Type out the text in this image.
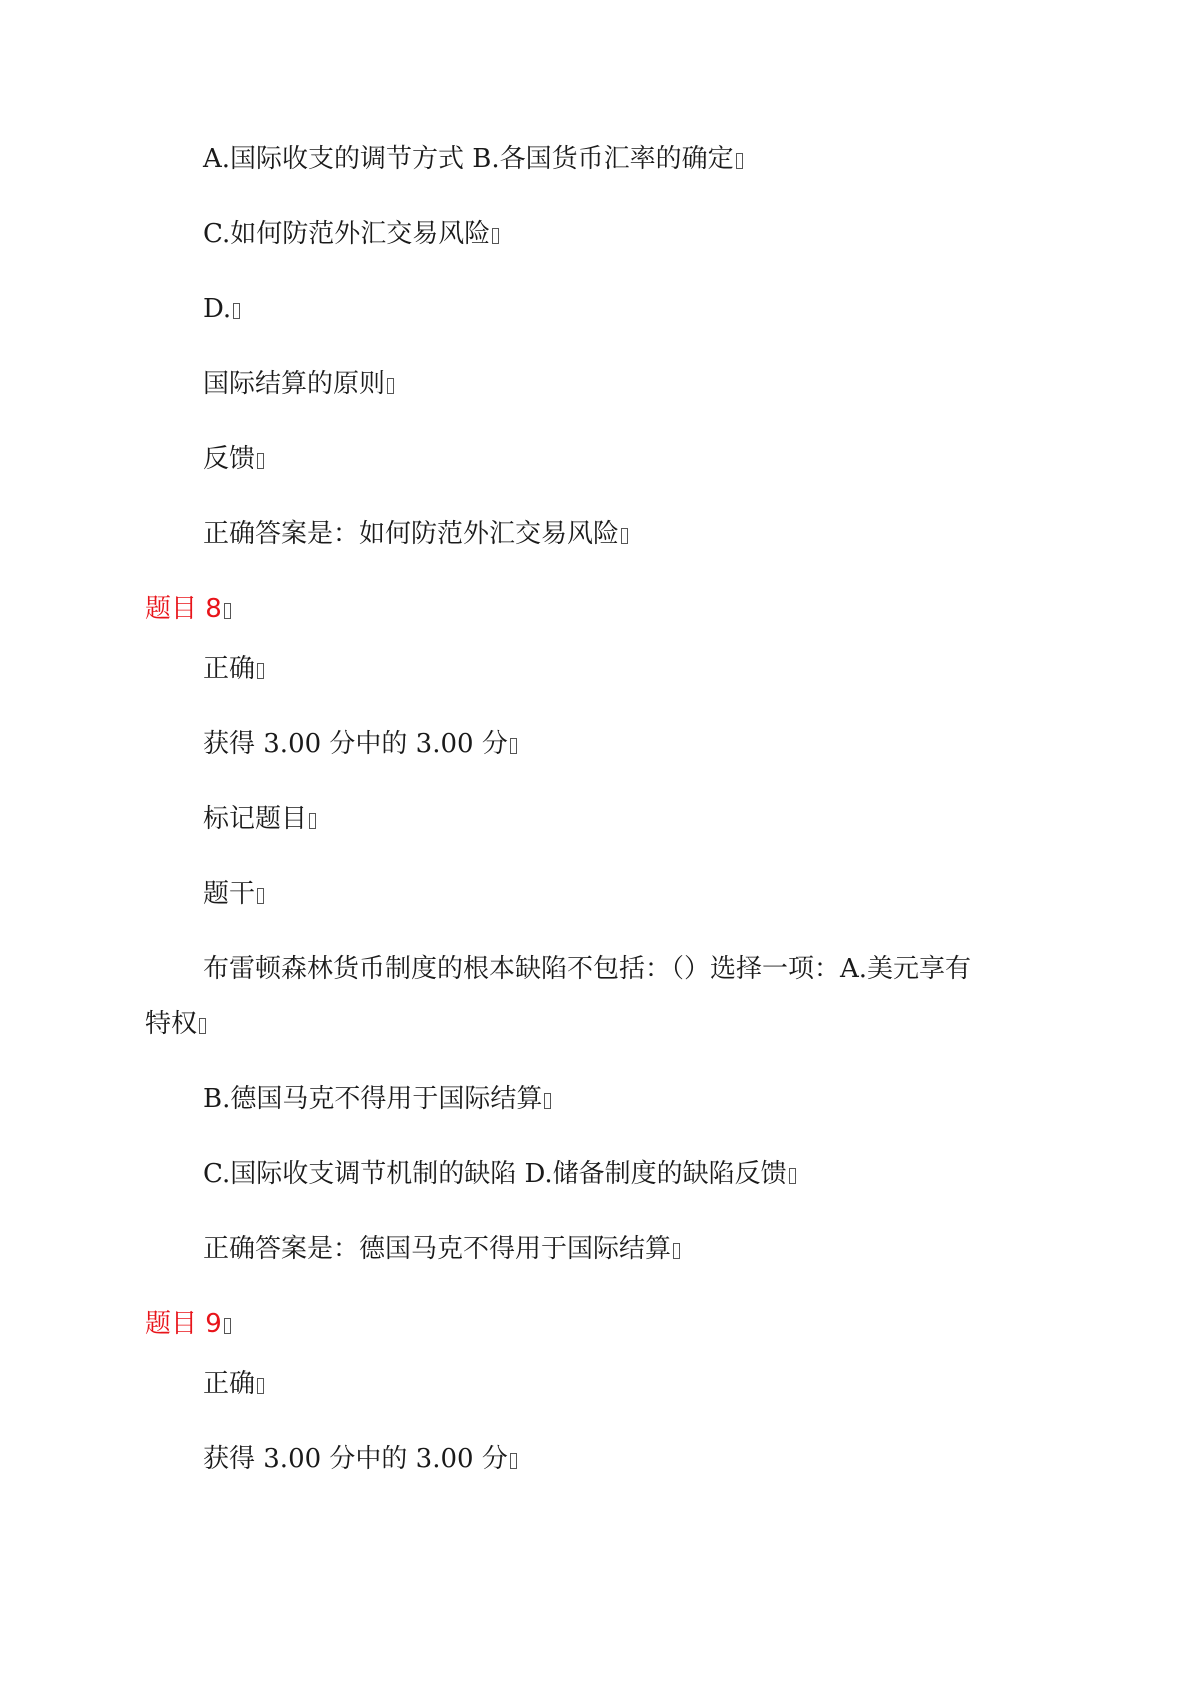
A.国际收支的调节方式 B.各国货币汇率的确定

C.如何防范外汇交易风险

D.

国际结算的原则

反馈

正确答案是：如何防范外汇交易风险

题目 8

正确

获得 3.00 分中的 3.00 分

标记题目

题干

布雷顿森林货币制度的根本缺陷不包括：（）选择一项：A.美元享有

特权

B.德国马克不得用于国际结算

C.国际收支调节机制的缺陷 D.储备制度的缺陷反馈

正确答案是：德国马克不得用于国际结算

题目 9

正确

获得 3.00 分中的 3.00 分
